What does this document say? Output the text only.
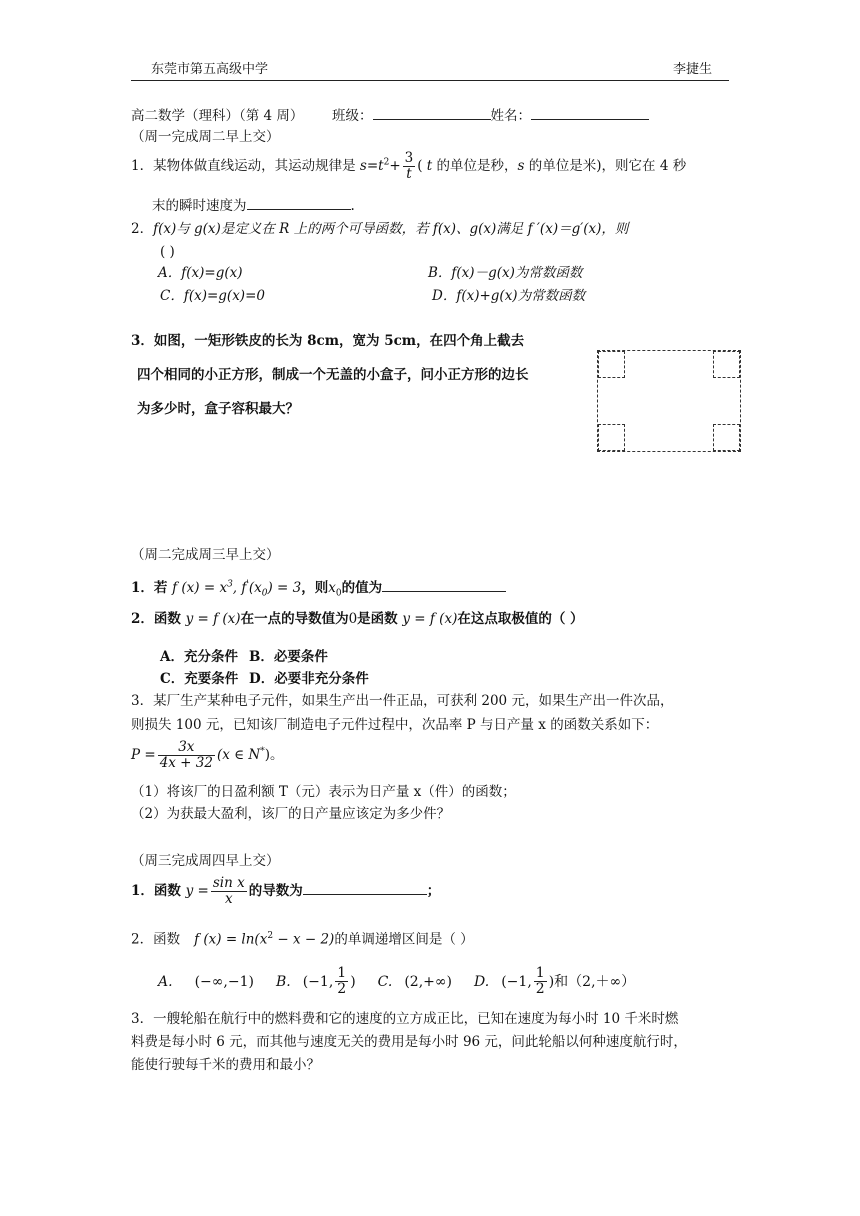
东莞市第五高级中学	李捷生
高二数学（理科）（第 4 周） 班级：	姓名：
（周一完成周二早上交）
1．某物体做直线运动，其运动规律是 $s=t^2+ \frac{3}{t}$ ( t 的单位是秒，s 的单位是米)，则它在 4 秒
末的瞬时速度为	.
2．f(x)与 g(x)是定义在 R 上的两个可导函数，若 f(x)、g(x)满足 f ′(x)＝g′(x)，则
( )
A．f(x)=g(x)	B．f(x)－g(x)为常数函数
C．f(x)=g(x)=0	D．f(x)+g(x)为常数函数
3．如图，一矩形铁皮的长为 8cm，宽为 5cm，在四个角上截去
四个相同的小正方形，制成一个无盖的小盒子，问小正方形的边长
为多少时，盒子容积最大？
（周二完成周三早上交）
1．若 f $(x) = x^3$, $f'(x_0) = 3$，则$x_0$的值为
2．函数 y = f (x)在一点的导数值为0是函数 y = f (x)在这点取极值的（ ）
A．充分条件 B．必要条件
C．充要条件 D．必要非充分条件
3．某厂生产某种电子元件，如果生产出一件正品，可获利 200 元，如果生产出一件次品，
则损失 100 元，已知该厂制造电子元件过程中，次品率 P 与日产量 x 的函数关系如下：
$P = \frac{3x}{4x + 32} (x$ ∈ N*)。
（1）将该厂的日盈利额 T（元）表示为日产量 x（件）的函数；
（2）为获最大盈利，该厂的日产量应该定为多少件？
（周三完成周四早上交）
1．函数 $y = \frac{\text{sin x}}{x}$ 的导数为	；
2．函数 f $(x) = \ln(x^2 - x - 2)$的单调递增区间是（ ）
A. (−∞,−1) B. (−1, $\frac{1}{2}$ ) C. (2,+∞) D. (−1, $\frac{1}{2}$ )和（2,＋∞）
3．一艘轮船在航行中的燃料费和它的速度的立方成正比，已知在速度为每小时 10 千米时燃
料费是每小时 6 元，而其他与速度无关的费用是每小时 96 元，问此轮船以何种速度航行时，
能使行驶每千米的费用和最小？
